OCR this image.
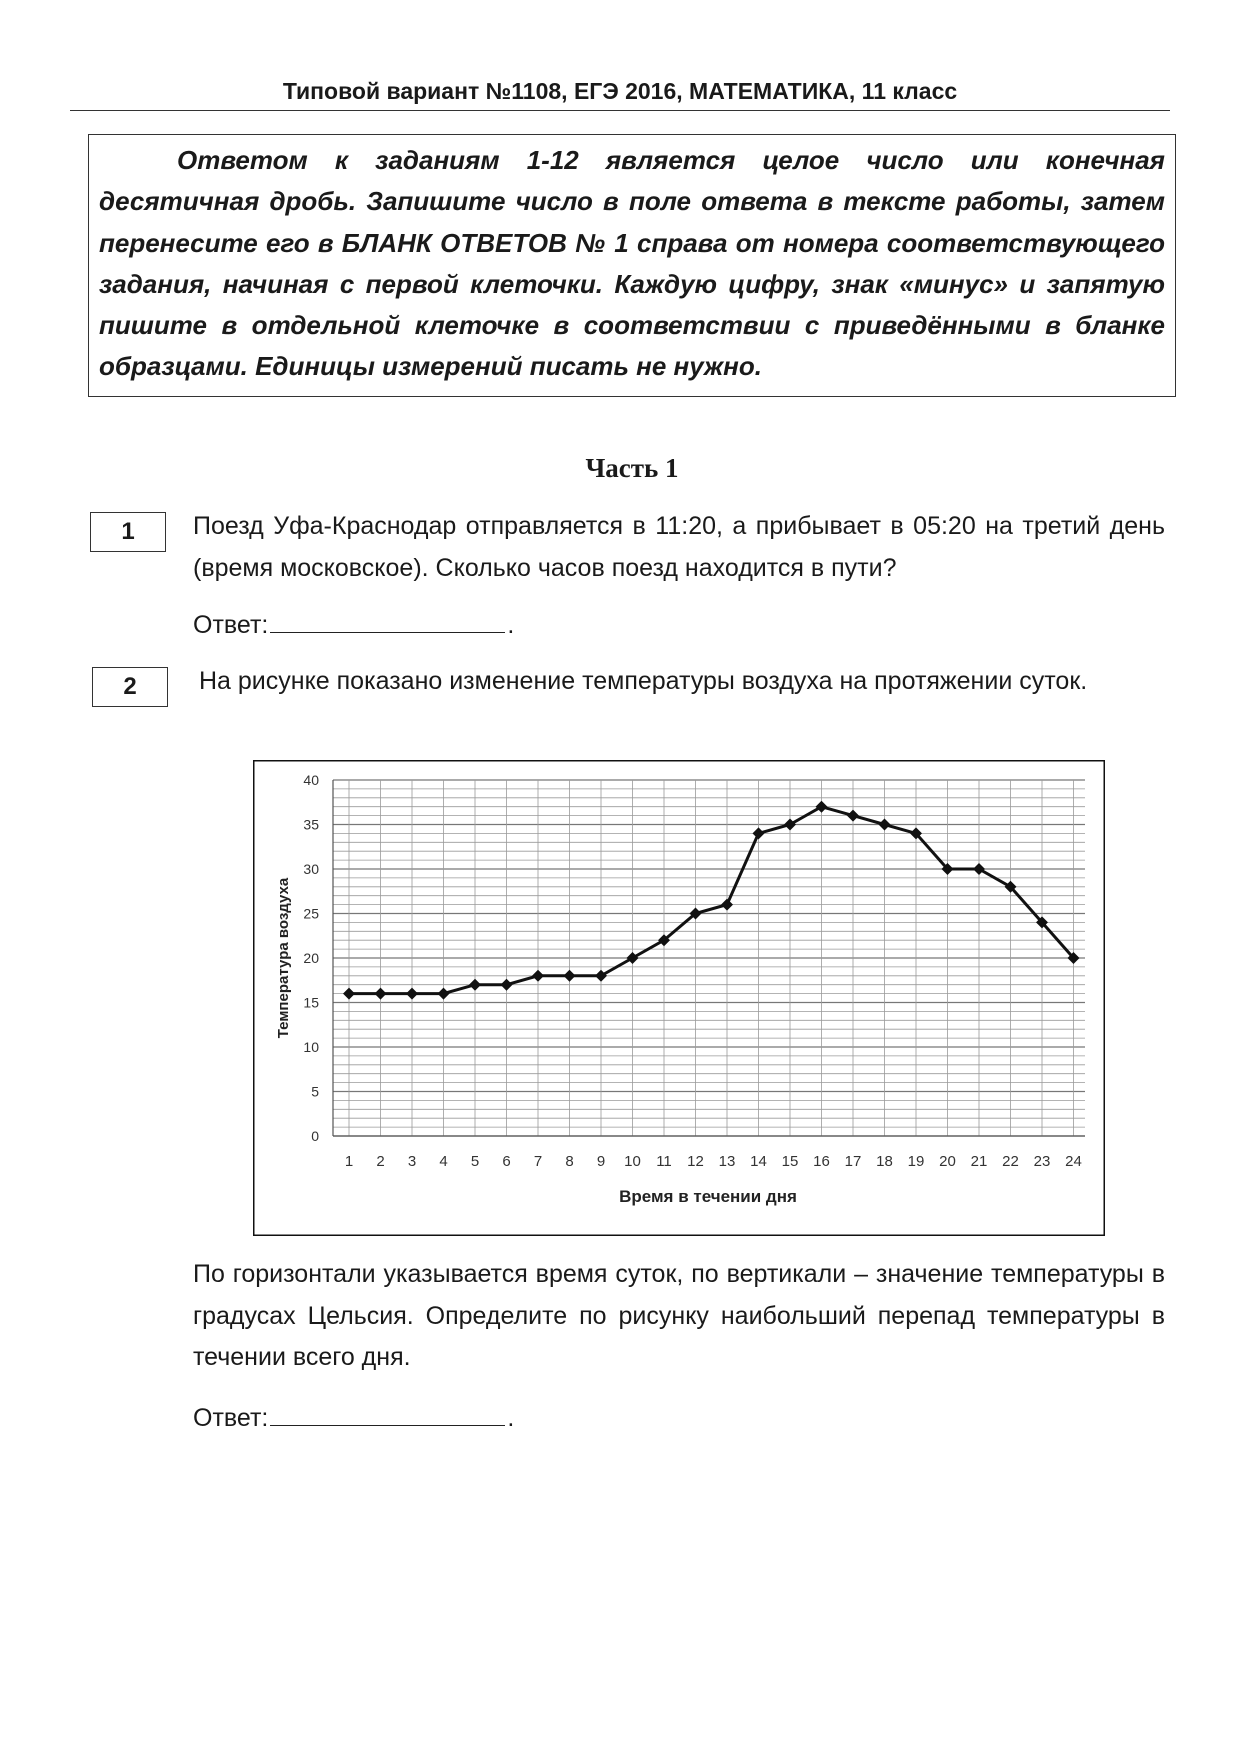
Типовой вариант №1108, ЕГЭ 2016, МАТЕМАТИКА, 11 класс
Ответом к заданиям 1-12 является целое число или конечная десятичная дробь. Запишите число в поле ответа в тексте работы, затем перенесите его в БЛАНК ОТВЕТОВ № 1 справа от номера соответствующего задания, начиная с первой клеточки. Каждую цифру, знак «минус» и запятую пишите в отдельной клеточке в соответствии с приведёнными в бланке образцами. Единицы измерений писать не нужно.
Часть 1
1	Поезд Уфа-Краснодар отправляется в 11:20, а прибывает в 05:20 на третий день (время московское). Сколько часов поезд находится в пути?
Ответ:	.
2	На рисунке показано изменение температуры воздуха на протяжении суток.
0
5
10
15
20
25
30
35
40
1 2 3 4 5 6 7 8 9 10 11 12 13 14 15 16 17 18 19 20 21 22 23 24
Температура воздуха
Время в течении дня
По горизонтали указывается время суток, по вертикали – значение температуры в градусах Цельсия. Определите по рисунку наибольший перепад температуры в течении всего дня.
Ответ:	.
